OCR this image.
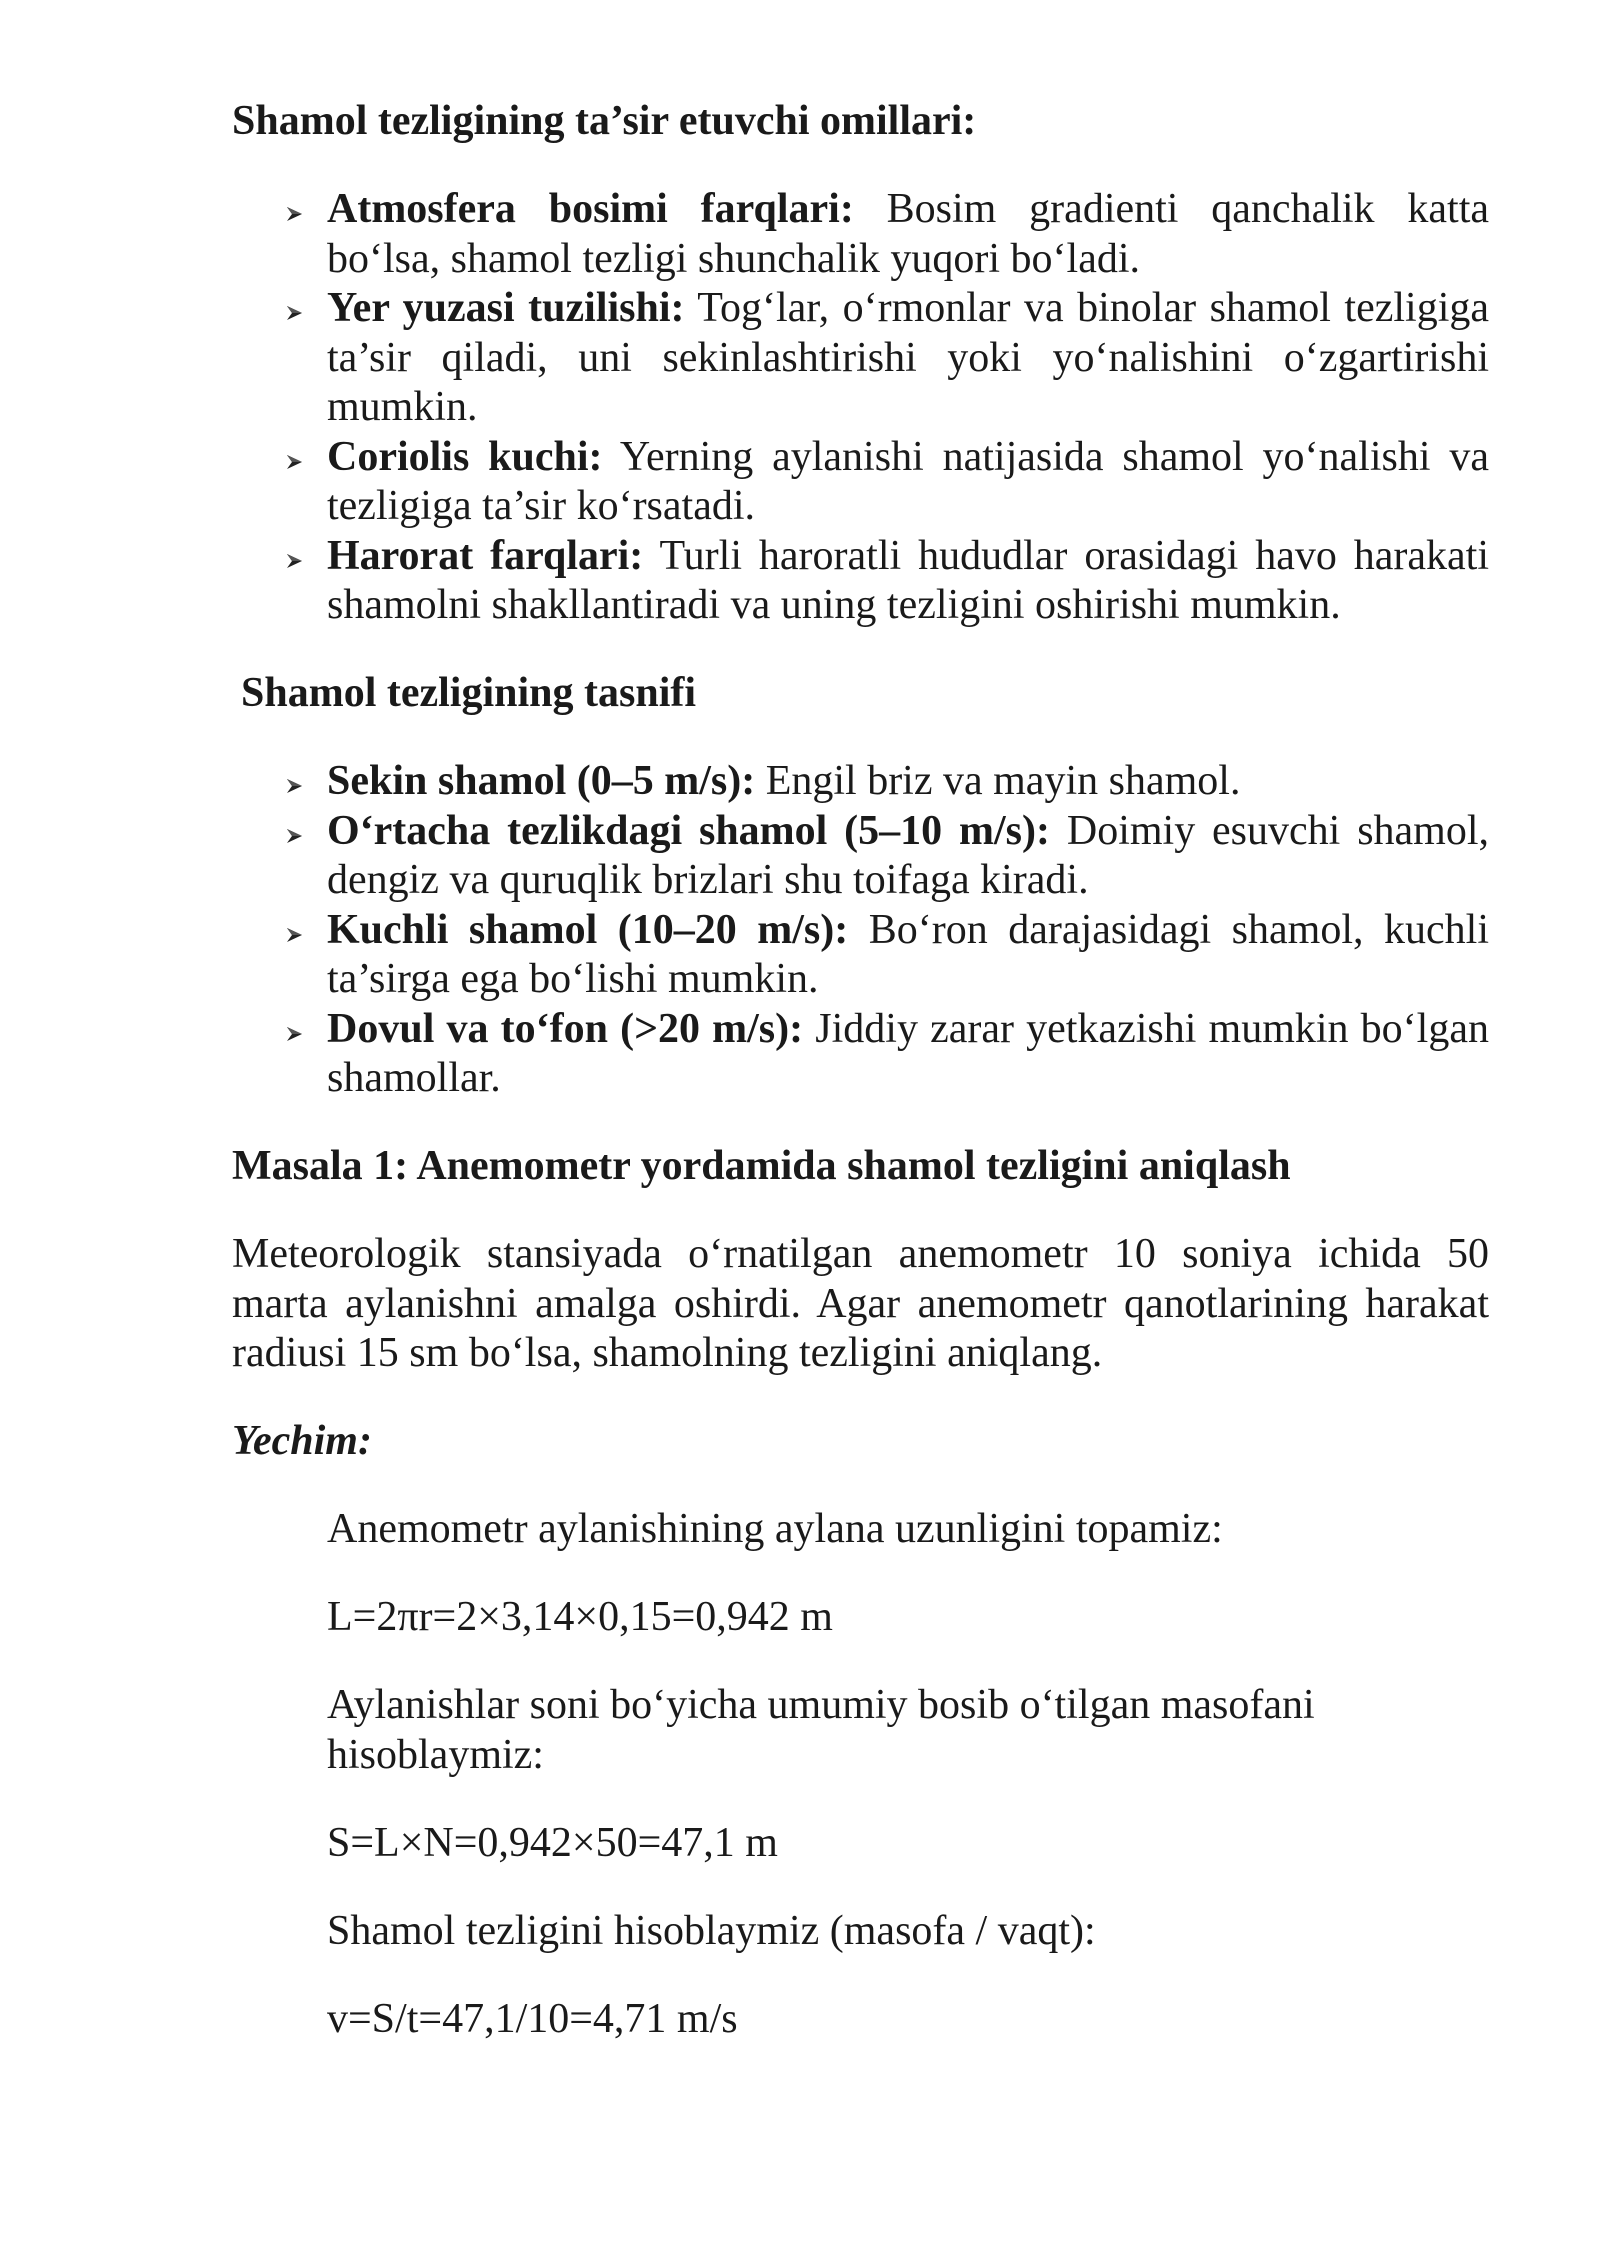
Shamol tezligining ta’sir etuvchi omillari:
Atmosfera bosimi farqlari: Bosim gradienti qanchalik katta
bo‘lsa, shamol tezligi shunchalik yuqori bo‘ladi.
Yer yuzasi tuzilishi: Tog‘lar, o‘rmonlar va binolar shamol tezligiga
ta’sir qiladi, uni sekinlashtirishi yoki yo‘nalishini o‘zgartirishi
mumkin.
Coriolis kuchi: Yerning aylanishi natijasida shamol yo‘nalishi va
tezligiga ta’sir ko‘rsatadi.
Harorat farqlari: Turli haroratli hududlar orasidagi havo harakati
shamolni shakllantiradi va uning tezligini oshirishi mumkin.
Shamol tezligining tasnifi
Sekin shamol (0–5 m/s): Engil briz va mayin shamol.
O‘rtacha tezlikdagi shamol (5–10 m/s): Doimiy esuvchi shamol,
dengiz va quruqlik brizlari shu toifaga kiradi.
Kuchli shamol (10–20 m/s): Bo‘ron darajasidagi shamol, kuchli
ta’sirga ega bo‘lishi mumkin.
Dovul va to‘fon (>20 m/s): Jiddiy zarar yetkazishi mumkin bo‘lgan
shamollar.
Masala 1: Anemometr yordamida shamol tezligini aniqlash
Meteorologik stansiyada o‘rnatilgan anemometr 10 soniya ichida 50
marta aylanishni amalga oshirdi. Agar anemometr qanotlarining harakat
radiusi 15 sm bo‘lsa, shamolning tezligini aniqlang.
Yechim:
Anemometr aylanishining aylana uzunligini topamiz:
L=2πr=2×3,14×0,15=0,942 m
Aylanishlar soni bo‘yicha umumiy bosib o‘tilgan masofani
hisoblaymiz:
S=L×N=0,942×50=47,1 m
Shamol tezligini hisoblaymiz (masofa / vaqt):
v=S/t=47,1/10=4,71 m/s
